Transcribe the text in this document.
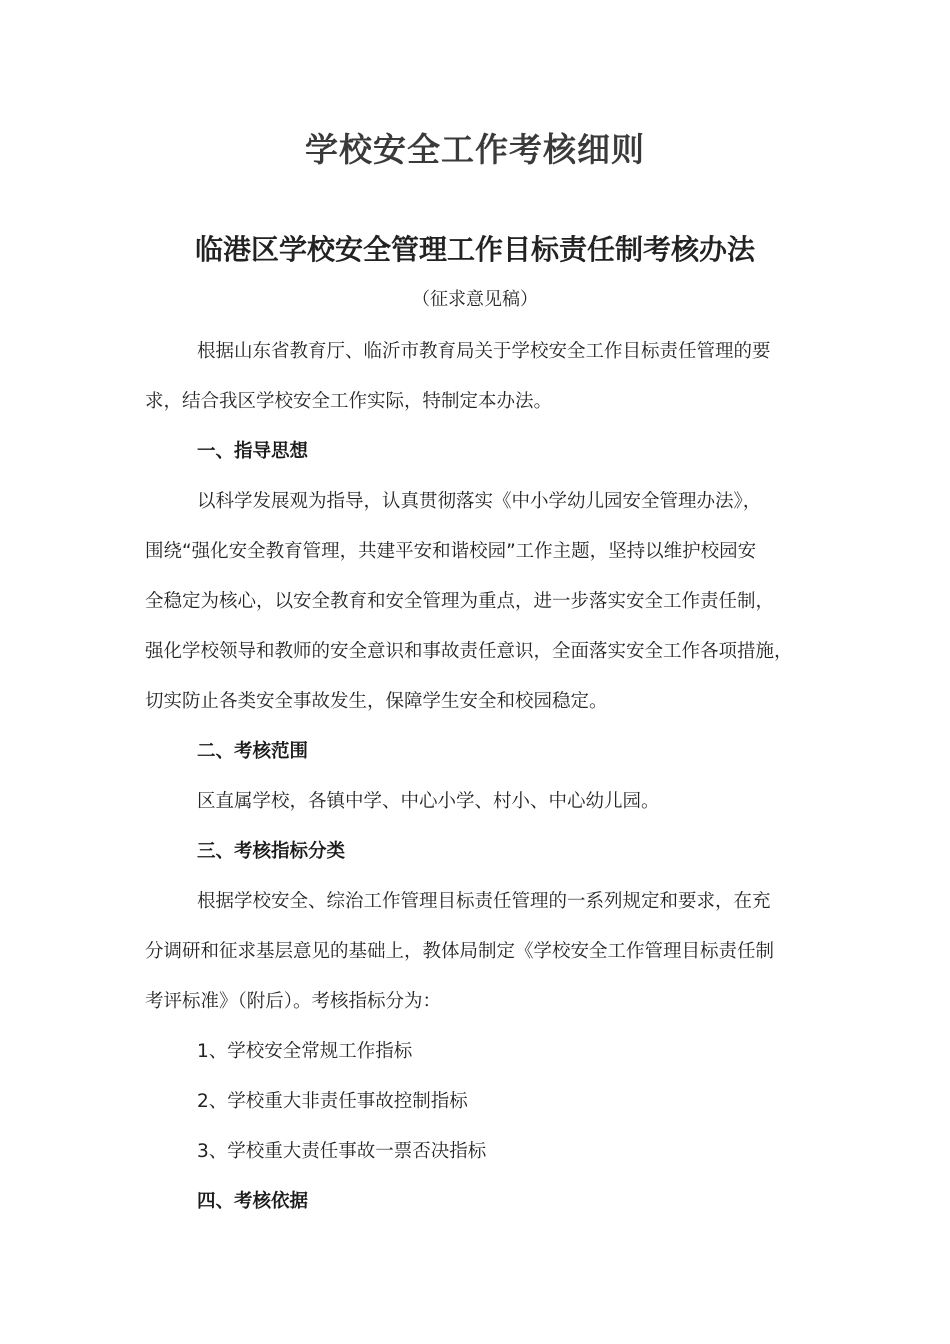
学校安全工作考核细则
临港区学校安全管理工作目标责任制考核办法
（征求意见稿）
根据山东省教育厅、临沂市教育局关于学校安全工作目标责任管理的要
求，结合我区学校安全工作实际，特制定本办法。
一、指导思想
以科学发展观为指导，认真贯彻落实《中小学幼儿园安全管理办法》，
围绕“强化安全教育管理，共建平安和谐校园”工作主题，坚持以维护校园安
全稳定为核心，以安全教育和安全管理为重点，进一步落实安全工作责任制，
强化学校领导和教师的安全意识和事故责任意识，全面落实安全工作各项措施，
切实防止各类安全事故发生，保障学生安全和校园稳定。
二、考核范围
区直属学校，各镇中学、中心小学、村小、中心幼儿园。
三、考核指标分类
根据学校安全、综治工作管理目标责任管理的一系列规定和要求，在充
分调研和征求基层意见的基础上，教体局制定《学校安全工作管理目标责任制
考评标准》（附后）。考核指标分为：
1、学校安全常规工作指标
2、学校重大非责任事故控制指标
3、学校重大责任事故一票否决指标
四、考核依据
